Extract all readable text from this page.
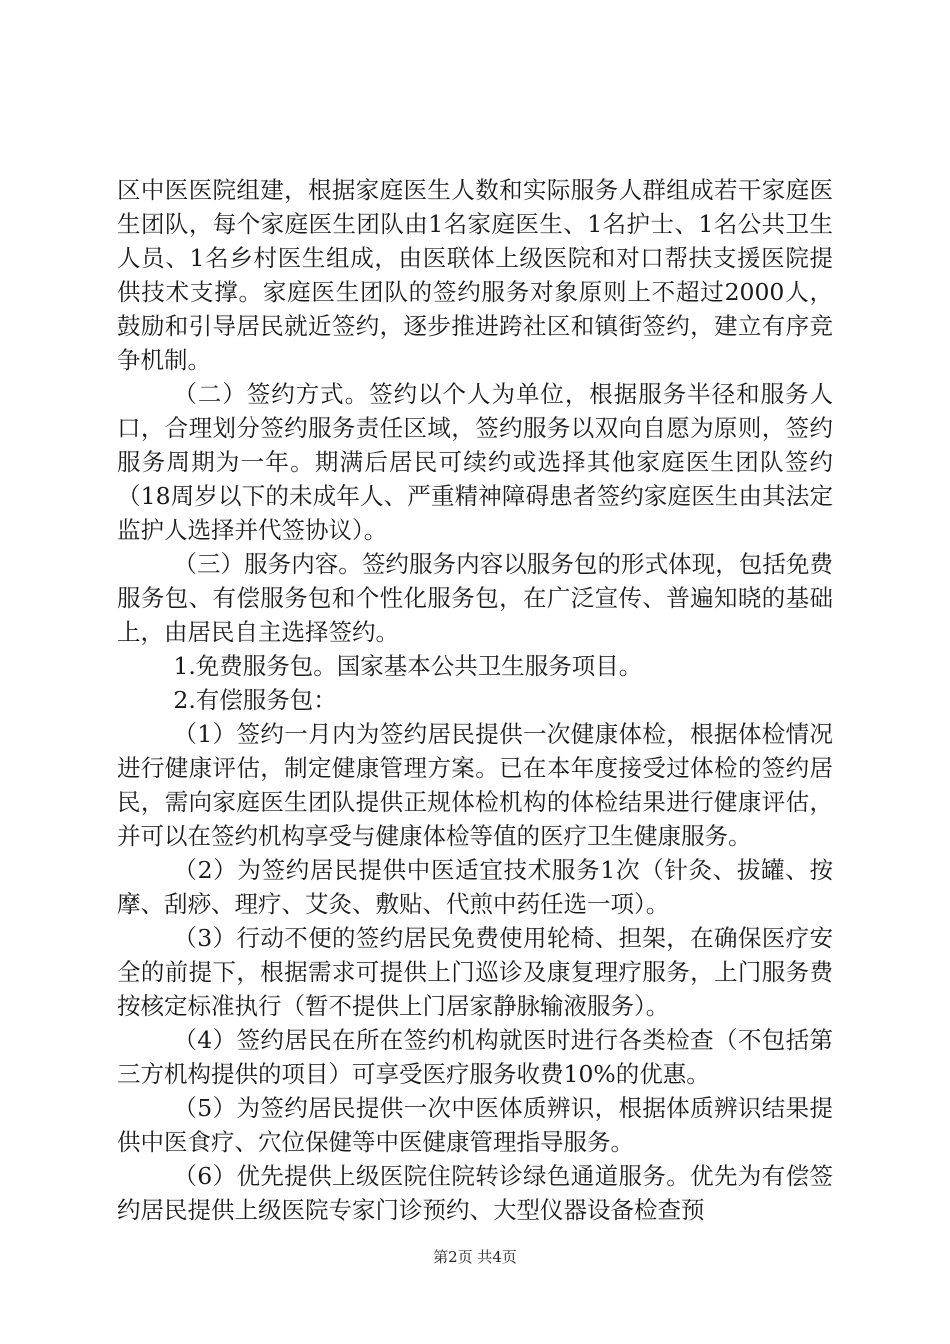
区中医医院组建，根据家庭医生人数和实际服务人群组成若干家庭医生团队，每个家庭医生团队由1名家庭医生、1名护士、1名公共卫生人员、1名乡村医生组成，由医联体上级医院和对口帮扶支援医院提供技术支撑。家庭医生团队的签约服务对象原则上不超过2000人，鼓励和引导居民就近签约，逐步推进跨社区和镇街签约，建立有序竞争机制。

（二）签约方式。签约以个人为单位，根据服务半径和服务人口，合理划分签约服务责任区域，签约服务以双向自愿为原则，签约服务周期为一年。期满后居民可续约或选择其他家庭医生团队签约（18周岁以下的未成年人、严重精神障碍患者签约家庭医生由其法定监护人选择并代签协议）。

（三）服务内容。签约服务内容以服务包的形式体现，包括免费服务包、有偿服务包和个性化服务包，在广泛宣传、普遍知晓的基础上，由居民自主选择签约。

1.免费服务包。国家基本公共卫生服务项目。

2.有偿服务包：

（1）签约一月内为签约居民提供一次健康体检，根据体检情况进行健康评估，制定健康管理方案。已在本年度接受过体检的签约居民，需向家庭医生团队提供正规体检机构的体检结果进行健康评估，并可以在签约机构享受与健康体检等值的医疗卫生健康服务。

（2）为签约居民提供中医适宜技术服务1次（针灸、拔罐、按摩、刮痧、理疗、艾灸、敷贴、代煎中药任选一项）。

（3）行动不便的签约居民免费使用轮椅、担架，在确保医疗安全的前提下，根据需求可提供上门巡诊及康复理疗服务，上门服务费按核定标准执行（暂不提供上门居家静脉输液服务）。

（4）签约居民在所在签约机构就医时进行各类检查（不包括第三方机构提供的项目）可享受医疗服务收费10%的优惠。

（5）为签约居民提供一次中医体质辨识，根据体质辨识结果提供中医食疗、穴位保健等中医健康管理指导服务。

（6）优先提供上级医院住院转诊绿色通道服务。优先为有偿签约居民提供上级医院专家门诊预约、大型仪器设备检查预

第2页 共4页
